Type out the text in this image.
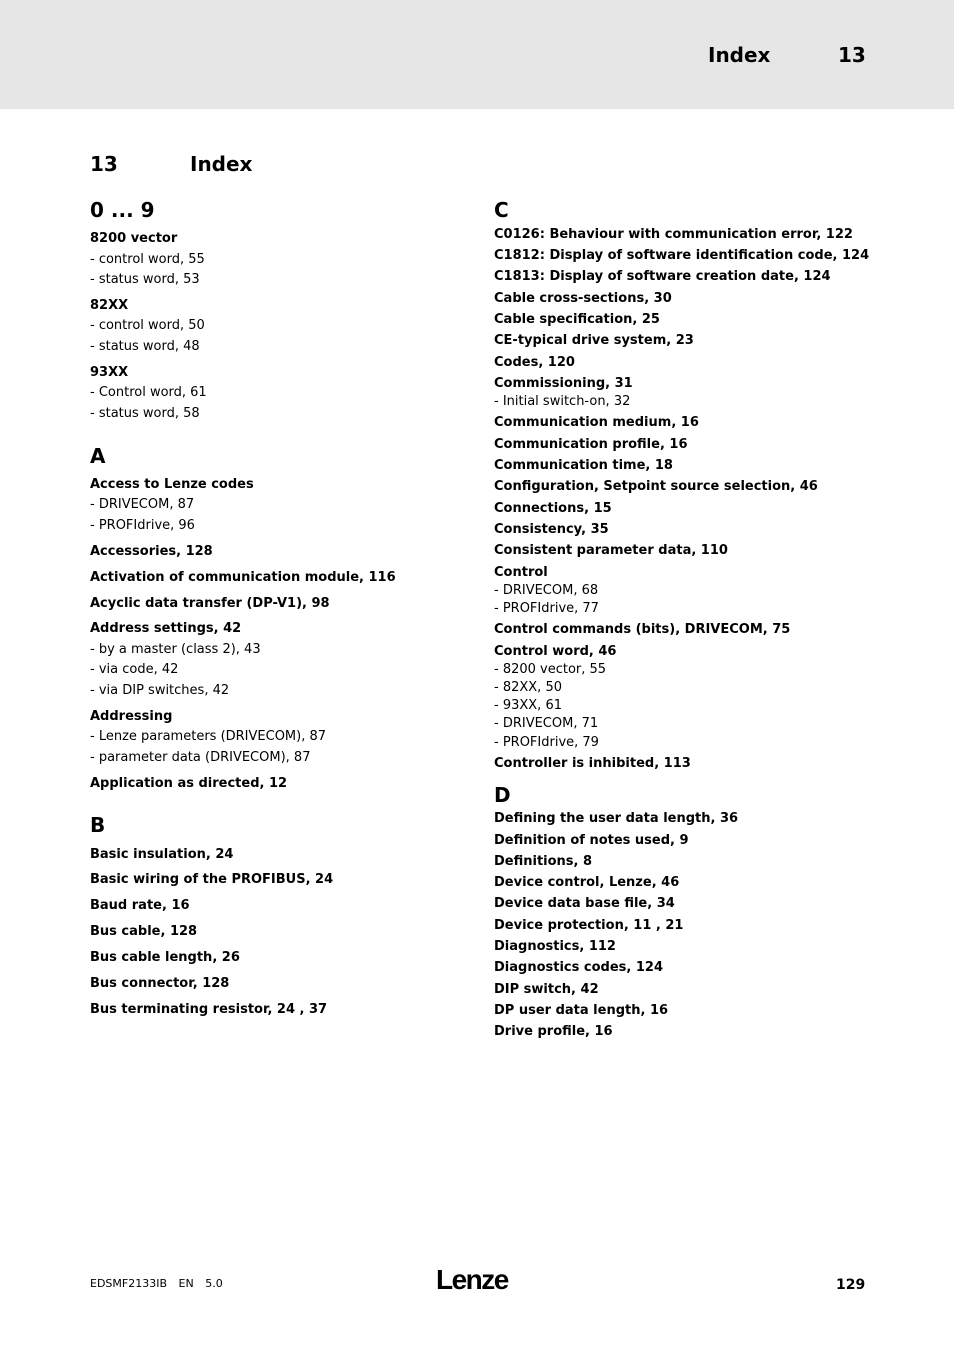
Index	13
13	Index
0 ... 9
8200 vector
- control word, 55
- status word, 53
82XX
- control word, 50
- status word, 48
93XX
- Control word, 61
- status word, 58
A
Access to Lenze codes
- DRIVECOM, 87
- PROFIdrive, 96
Accessories, 128
Activation of communication module, 116
Acyclic data transfer (DP-V1), 98
Address settings, 42
- by a master (class 2), 43
- via code, 42
- via DIP switches, 42
Addressing
- Lenze parameters (DRIVECOM), 87
- parameter data (DRIVECOM), 87
Application as directed, 12
B
Basic insulation, 24
Basic wiring of the PROFIBUS, 24
Baud rate, 16
Bus cable, 128
Bus cable length, 26
Bus connector, 128
Bus terminating resistor, 24 , 37
C
C0126: Behaviour with communication error, 122
C1812: Display of software identification code, 124
C1813: Display of software creation date, 124
Cable cross-sections, 30
Cable specification, 25
CE-typical drive system, 23
Codes, 120
Commissioning, 31
- Initial switch-on, 32
Communication medium, 16
Communication profile, 16
Communication time, 18
Configuration, Setpoint source selection, 46
Connections, 15
Consistency, 35
Consistent parameter data, 110
Control
- DRIVECOM, 68
- PROFIdrive, 77
Control commands (bits), DRIVECOM, 75
Control word, 46
- 8200 vector, 55
- 82XX, 50
- 93XX, 61
- DRIVECOM, 71
- PROFIdrive, 79
Controller is inhibited, 113
D
Defining the user data length, 36
Definition of notes used, 9
Definitions, 8
Device control, Lenze, 46
Device data base file, 34
Device protection, 11 , 21
Diagnostics, 112
Diagnostics codes, 124
DIP switch, 42
DP user data length, 16
Drive profile, 16
EDSMF2133IB EN 5.0	Lenze	129
